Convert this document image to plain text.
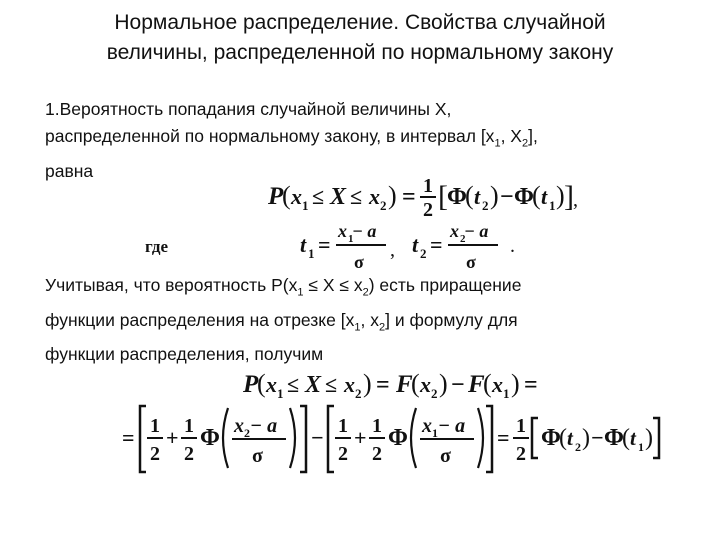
Нормальное распределение. Свойства случайной
величины, распределенной по нормальному закону
1.Вероятность попадания случайной величины X,
распределенной по нормальному закону, в интервал [$x_1$, $X_2$],
равна
P
( x 1 ≤ X ≤ x 2 ) = 1
2 [ Φ
( t 2 ) − Φ
( t 1 ) ] ,
где	t 1 =
x 1
− a
σ
, t 2 =
x 2
− a
σ
.
Учитывая, что вероятность $P(x_1 \le X \le x_2)$ есть приращение
функции распределения на отрезке [$x_1$, $x_2$] и формулу для
функции распределения, получим
P
( x 1 ≤ X ≤ x 2 ) = F
( x 2 ) − F
( x 1 ) =
= 1
2
+ 1
2
Φ x 2 − a
σ
− 1
2
+ 1
2
Φ x 1 − a
σ
= 1
2
Φ
( t 2 ) − Φ
( t 1 )
